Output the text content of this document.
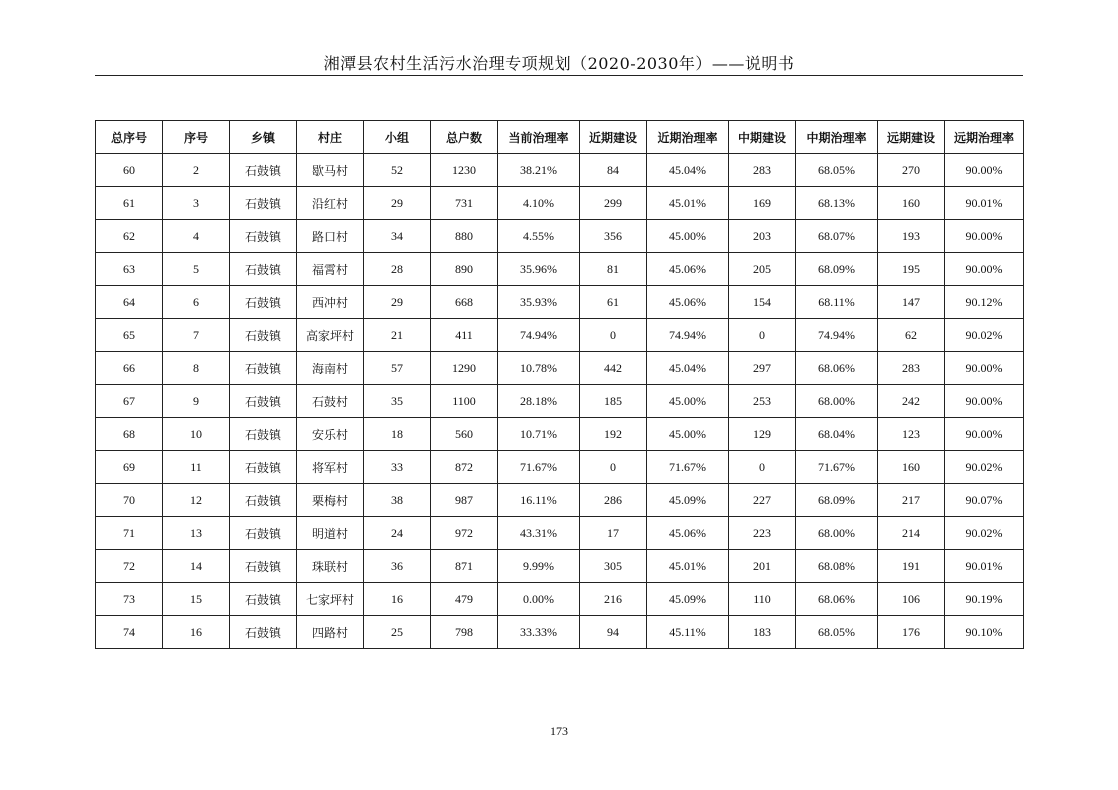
湘潭县农村生活污水治理专项规划（2020-2030年）——说明书
总序号	序号	乡镇	村庄	小组	总户数	当前治理率	近期建设	近期治理率	中期建设	中期治理率	远期建设	远期治理率
60	2	石鼓镇	歇马村	52	1230	38.21%	84	45.04%	283	68.05%	270	90.00%
61	3	石鼓镇	沿红村	29	731	4.10%	299	45.01%	169	68.13%	160	90.01%
62	4	石鼓镇	路口村	34	880	4.55%	356	45.00%	203	68.07%	193	90.00%
63	5	石鼓镇	福霄村	28	890	35.96%	81	45.06%	205	68.09%	195	90.00%
64	6	石鼓镇	西冲村	29	668	35.93%	61	45.06%	154	68.11%	147	90.12%
65	7	石鼓镇	高家坪村	21	411	74.94%	0	74.94%	0	74.94%	62	90.02%
66	8	石鼓镇	海南村	57	1290	10.78%	442	45.04%	297	68.06%	283	90.00%
67	9	石鼓镇	石鼓村	35	1100	28.18%	185	45.00%	253	68.00%	242	90.00%
68	10	石鼓镇	安乐村	18	560	10.71%	192	45.00%	129	68.04%	123	90.00%
69	11	石鼓镇	将军村	33	872	71.67%	0	71.67%	0	71.67%	160	90.02%
70	12	石鼓镇	栗梅村	38	987	16.11%	286	45.09%	227	68.09%	217	90.07%
71	13	石鼓镇	明道村	24	972	43.31%	17	45.06%	223	68.00%	214	90.02%
72	14	石鼓镇	珠联村	36	871	9.99%	305	45.01%	201	68.08%	191	90.01%
73	15	石鼓镇	七家坪村	16	479	0.00%	216	45.09%	110	68.06%	106	90.19%
74	16	石鼓镇	四路村	25	798	33.33%	94	45.11%	183	68.05%	176	90.10%
173
